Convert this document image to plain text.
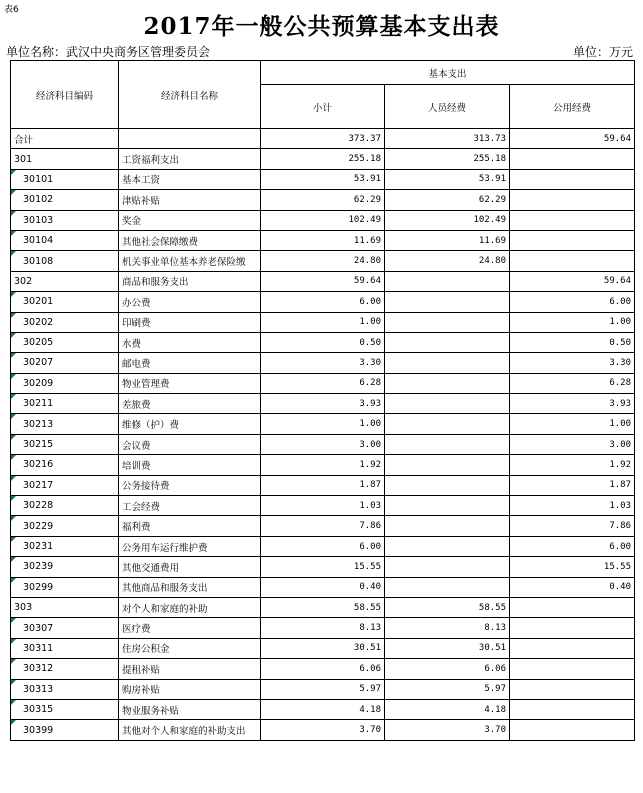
表6
2017年一般公共预算基本支出表
单位名称：武汉中央商务区管理委员会	单位：万元
经济科目编码	经济科目名称	基本支出		
		小计	人员经费	公用经费
合计		373.37	313.73	59.64
301	工资福利支出	255.18	255.18	

30101	基本工资	53.91	53.91	

30102	津贴补贴	62.29	62.29	

30103	奖金	102.49	102.49	

30104	其他社会保障缴费	11.69	11.69	

30108	机关事业单位基本养老保险缴	24.80	24.80	
302	商品和服务支出	59.64		59.64

30201	办公费	6.00		6.00

30202	印刷费	1.00		1.00

30205	水费	0.50		0.50

30207	邮电费	3.30		3.30

30209	物业管理费	6.28		6.28

30211	差旅费	3.93		3.93

30213	维修（护）费	1.00		1.00

30215	会议费	3.00		3.00

30216	培训费	1.92		1.92

30217	公务接待费	1.87		1.87

30228	工会经费	1.03		1.03

30229	福利费	7.86		7.86

30231	公务用车运行维护费	6.00		6.00

30239	其他交通费用	15.55		15.55

30299	其他商品和服务支出	0.40		0.40
303	对个人和家庭的补助	58.55	58.55	

30307	医疗费	8.13	8.13	

30311	住房公积金	30.51	30.51	

30312	提租补贴	6.06	6.06	

30313	购房补贴	5.97	5.97	

30315	物业服务补贴	4.18	4.18	

30399	其他对个人和家庭的补助支出	3.70	3.70	
